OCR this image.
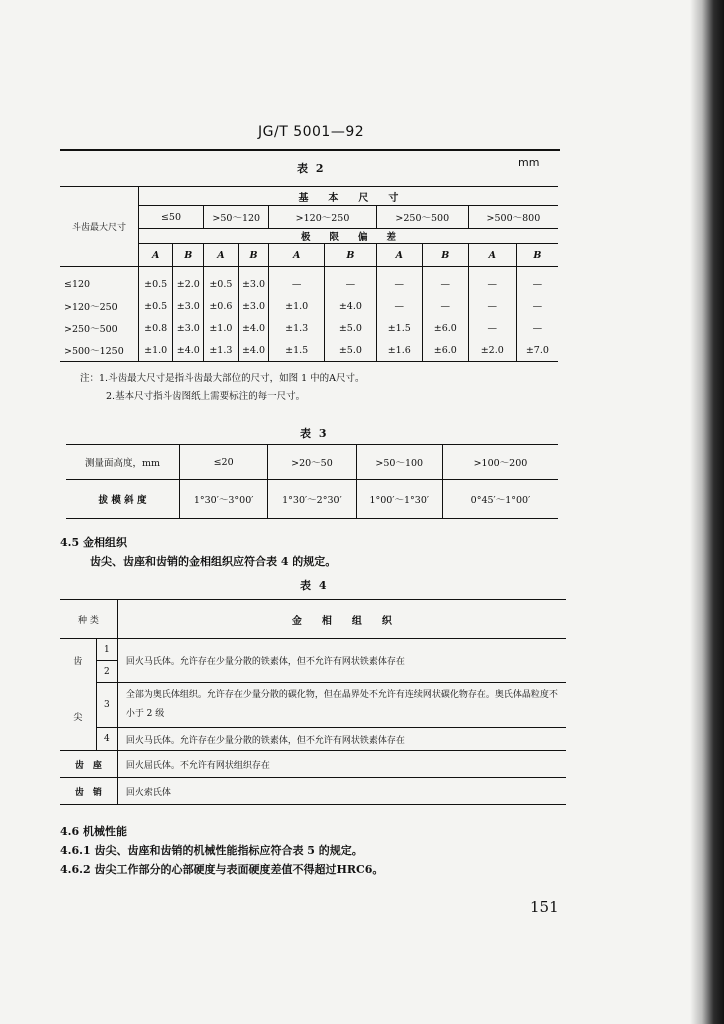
JG/T 5001—92
表 2	mm
斗齿最大尺寸	基　　本　　尺　　寸									
	≤50		>50～120		>120～250		>250～500		>500～800	
	极　　限　　偏　　差									
	A	B	A	B	A	B	A	B	A	B
≤120	±0.5	±2.0	±0.5	±3.0	—	—	—	—	—	—
>120～250	±0.5	±3.0	±0.6	±3.0	±1.0	±4.0	—	—	—	—
>250～500	±0.8	±3.0	±1.0	±4.0	±1.3	±5.0	±1.5	±6.0	—	—
>500～1250	±1.0	±4.0	±1.3	±4.0	±1.5	±5.0	±1.6	±6.0	±2.0	±7.0
注：1.斗齿最大尺寸是指斗齿最大部位的尺寸，如图 1 中的A尺寸。
2.基本尺寸指斗齿图纸上需要标注的每一尺寸。
表 3
测量面高度，mm	≤20	>20～50	>50～100	>100～200
拔 模 斜 度	1°30′～3°00′	1°30′～2°30′	1°00′～1°30′	0°45′～1°00′
4.5 金相组织
齿尖、齿座和齿销的金相组织应符合表 4 的规定。
表 4
种 类		金　　相　　组　　织
齿	1	回火马氏体。允许存在少量分散的铁素体，但不允许有网状铁素体存在
	2	
尖	3	全部为奥氏体组织。允许存在少量分散的碳化物，但在晶界处不允许有连续网状碳化物存在。奥氏体晶粒度不小于 2 级
	4	回火马氏体。允许存在少量分散的铁素体，但不允许有网状铁素体存在
齿　座		回火屈氏体。不允许有网状组织存在
齿　销		回火索氏体
4.6 机械性能
4.6.1 齿尖、齿座和齿销的机械性能指标应符合表 5 的规定。
4.6.2 齿尖工作部分的心部硬度与表面硬度差值不得超过HRC6。
151
